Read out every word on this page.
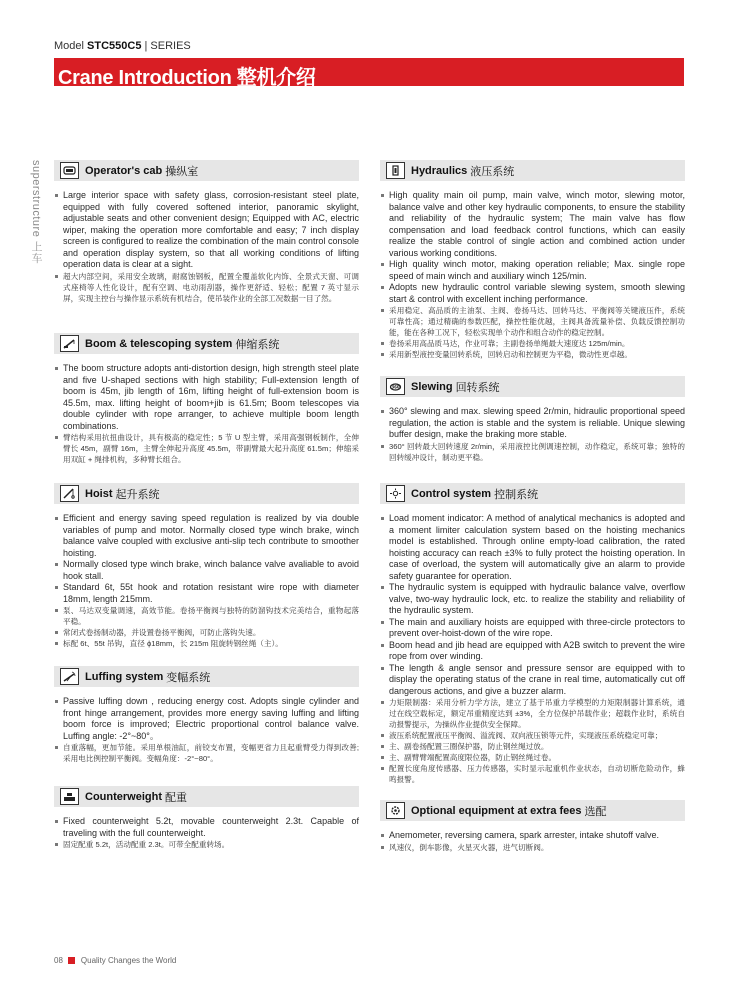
Model STC550C5 | SERIES
Crane Introduction 整机介绍
superstructure 上车
Operator's cab 操纵室
Large interior space with safety glass, corrosion-resistant steel plate, equipped with fully covered softened interior, panoramic skylight, adjustable seats and other convenient design; Equipped with AC, electric wiper, making the operation more comfortable and easy; 7 inch display screen is configured to realize the combination of the main control console and operation display system, so that all working conditions of lifting operation data is clear at a sight.
超大内部空间，采用安全玻璃，耐腐蚀钢板，配置全覆盖软化内饰、全景式天窗、可调式座椅等人性化设计，配有空调、电动雨刮器，操作更舒适、轻松；配置 7 英寸显示屏，实现主控台与操作显示系统有机结合，使吊装作业的全部工况数据一目了然。
Boom & telescoping system 伸缩系统
The boom structure adopts anti-distortion design, high strength steel plate and five U-shaped sections with high stability; Full-extension length of boom is 45m, jib length of 16m, lifting height of full-extension boom is 45.5m, max. lifting height of boom+jib is 61.5m; Boom telescopes via double cylinder with rope arranger, to achieve multiple boom length combinations.
臂结构采用抗扭曲设计，具有极高的稳定性；5 节 U 型主臂，采用高强钢板制作，全伸臂长 45m，副臂 16m，主臂全伸起升高度 45.5m，带副臂最大起升高度 61.5m；伸缩采用双缸 + 绳排机构，多种臂长组合。
Hoist 起升系统
Efficient and energy saving speed regulation is realized by via double variables of pump and motor. Normally closed type winch brake, winch balance valve coupled with exclusive anti-slip tech contribute to smoother hoisting.
Normally closed type winch brake, winch balance valve avaliable to avoid hook stall.
Standard 6t, 55t hook and rotation resistant wire rope with diameter 18mm, length 215mm.
泵、马达双变量调速，高效节能。卷扬平衡阀与独特的防溜钩技术完美结合，重物起落平稳。
常闭式卷扬制动器，并设置卷扬平衡阀，可防止落钩失速。
标配 6t、55t 吊钩，直径 ϕ18mm，长 215m 阻旋转钢丝绳（主）。
Luffing system 变幅系统
Passive luffing down , reducing energy cost. Adopts single cylinder and front hinge arrangement, provides more energy saving luffing and lifting boom force is improved; Electric proportional control balance valve. Luffing angle: -2°~80°。
自重落幅，更加节能。采用单根油缸，前铰支布置，变幅更省力且起重臂受力得到改善;采用电比例控制平衡阀。变幅角度：-2°~80°。
Counterweight 配重
Fixed counterweight 5.2t, movable counterweight 2.3t. Capable of traveling with the full counterweight.
固定配重 5.2t，活动配重 2.3t。可带全配重转场。
Hydraulics 液压系统
High quality main oil pump, main valve, winch motor, slewing motor, balance valve and other key hydraulic components, to ensure the stability and reliability of the hydraulic system; The main valve has flow compensation and load feedback control functions, which can easily realize the stable control of single action and combined action under various working conditions.
High quality winch motor, making operation reliable; Max. single rope speed of main winch and auxiliary winch 125/min.
Adopts new hydraulic control variable slewing system, smooth slewing start & control with excellent inching performance.
采用稳定、高品质的主油泵、主阀、卷扬马达、回转马达、平衡阀等关键液压件，系统可靠性高；通过精确的参数匹配，操控性能优越，主阀具备流量补偿、负载反馈控制功能，能在各种工况下，轻松实现单个动作和组合动作的稳定控制。
卷扬采用高品质马达，作业可靠；主副卷扬单绳最大速度达 125m/min。
采用新型液控变量回转系统，回转启动和控制更为平稳，微动性更卓越。
360 Slewing 回转系统
360° slewing and max. slewing speed 2r/min, hidraulic proportional speed regulation, the action is stable and the system is reliable. Unique slewing buffer design, make the braking more stable.
360° 回转最大回转速度 2r/min，采用液控比例调速控制，动作稳定，系统可靠；独特的回转缓冲设计，制动更平稳。
Control system 控制系统
Load moment indicator: A method of analytical mechanics is adopted and a moment limiter calculation system based on the hoisting mechanics model is established. Through online empty-load calibration, the rated hoisting accuracy can reach ±3% to fully protect the hoisting operation. In case of overload, the system will automatically give an alarm to provide safety guarantee for operation.
The hydraulic system is equipped with hydraulic balance valve, overflow valve, two-way hydraulic lock, etc. to realize the stability and reliability of the hydraulic system.
The main and auxiliary hoists are equipped with three-circle protectors to prevent over-hoist-down of the wire rope.
Boom head and jib head are equipped with A2B switch to prevent the wire rope from over winding.
The length & angle sensor and pressure sensor are equipped with to display the operating status of the crane in real time, automatically cut off dangerous actions, and give a buzzer alarm.
力矩限制器：采用分析力学方法，建立了基于吊重力学模型的力矩限制器计算系统，通过在线空载标定，额定吊重精度达到 ±3%，全方位保护吊载作业；超载作业时，系统自动报警提示，为操纵作业提供安全保障。
液压系统配置液压平衡阀、溢流阀、双向液压锁等元件，实现液压系统稳定可靠；
主、副卷扬配置三圈保护器，防止钢丝绳过放。
主、副臂臂端配置高度限位器，防止钢丝绳过卷。
配置长度角度传感器、压力传感器，实时显示起重机作业状态，自动切断危险动作，蜂鸣报警。
Optional equipment at extra fees 选配
Anemometer, reversing camera, spark arrester, intake shutoff valve.
风速仪，倒车影像，火星灭火器，进气切断阀。
08 Quality Changes the World
